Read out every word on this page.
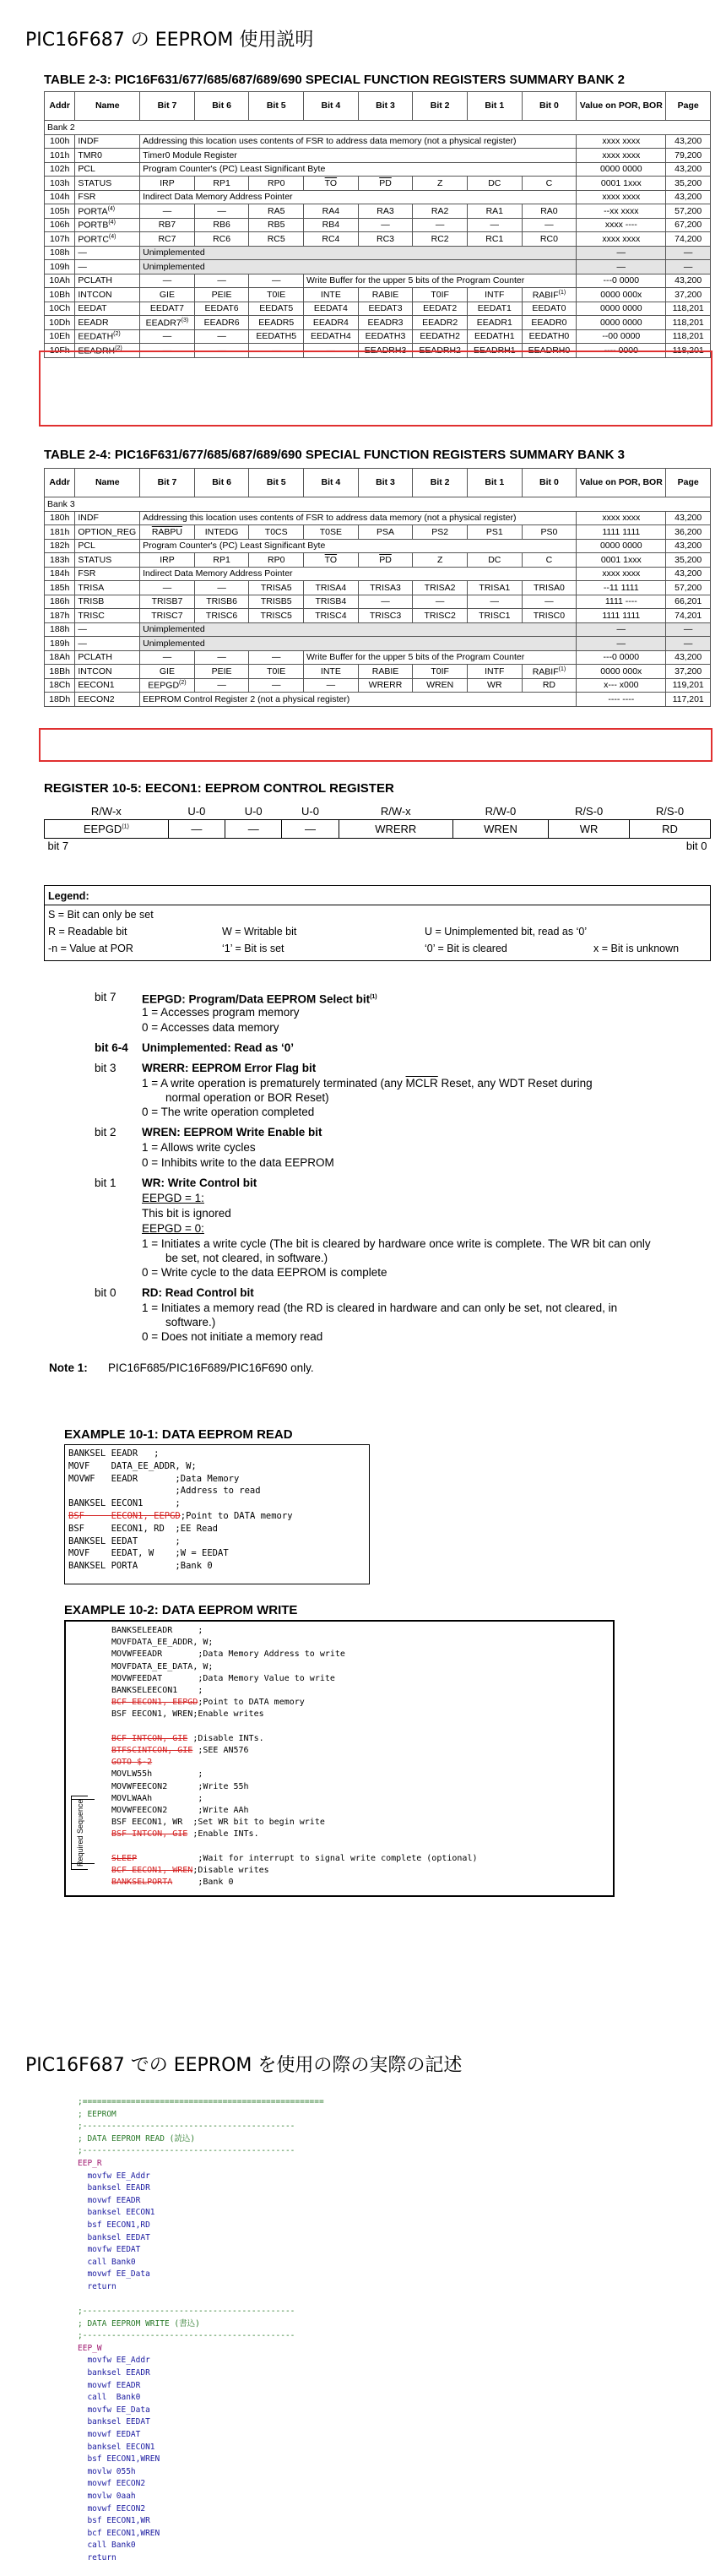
PIC16F687 の EEPROM 使用説明
TABLE 2-3: PIC16F631/677/685/687/689/690 SPECIAL FUNCTION REGISTERS SUMMARY BANK 2
Addr	Name	Bit 7	Bit 6	Bit 5	Bit 4	Bit 3	Bit 2	Bit 1	Bit 0	Value on POR, BOR	Page
Bank 2											
100h	INDF	Addressing this location uses contents of FSR to address data memory (not a physical register)								xxxx xxxx	43,200
101h	TMR0	Timer0 Module Register								xxxx xxxx	79,200
102h	PCL	Program Counter's (PC) Least Significant Byte								0000 0000	43,200
103h	STATUS	IRP	RP1	RP0	$\overline{TO}$	$\overline{PD}$	Z	DC	C	0001 1xxx	35,200
104h	FSR	Indirect Data Memory Address Pointer								xxxx xxxx	43,200
105h	PORTA$^{(4)}$	—	—	RA5	RA4	RA3	RA2	RA1	RA0	--xx xxxx	57,200
106h	PORTB$^{(4)}$	RB7	RB6	RB5	RB4	—	—	—	—	xxxx ----	67,200
107h	PORTC$^{(4)}$	RC7	RC6	RC5	RC4	RC3	RC2	RC1	RC0	xxxx xxxx	74,200
108h	—	Unimplemented								—	—
109h	—	Unimplemented								—	—
10Ah	PCLATH	—	—	—	Write Buffer for the upper 5 bits of the Program Counter					---0 0000	43,200
10Bh	INTCON	GIE	PEIE	T0IE	INTE	RABIE	T0IF	INTF	RABIF$^{(1)}$	0000 000x	37,200
10Ch	EEDAT	EEDAT7	EEDAT6	EEDAT5	EEDAT4	EEDAT3	EEDAT2	EEDAT1	EEDAT0	0000 0000	118,201
10Dh	EEADR	EEADR7$^{(3)}$	EEADR6	EEADR5	EEADR4	EEADR3	EEADR2	EEADR1	EEADR0	0000 0000	118,201
10Eh	EEDATH$^{(2)}$	—	—	EEDATH5	EEDATH4	EEDATH3	EEDATH2	EEDATH1	EEDATH0	--00 0000	118,201
10Fh	EEADRH$^{(2)}$	—	—	—	—	EEADRH3	EEADRH2	EEADRH1	EEADRH0	---- 0000	118,201
TABLE 2-4: PIC16F631/677/685/687/689/690 SPECIAL FUNCTION REGISTERS SUMMARY BANK 3
Addr	Name	Bit 7	Bit 6	Bit 5	Bit 4	Bit 3	Bit 2	Bit 1	Bit 0	Value on POR, BOR	Page
Bank 3											
180h	INDF	Addressing this location uses contents of FSR to address data memory (not a physical register)								xxxx xxxx	43,200
181h	OPTION_REG	RABPU	INTEDG	T0CS	T0SE	PSA	PS2	PS1	PS0	1111 1111	36,200
182h	PCL	Program Counter's (PC) Least Significant Byte								0000 0000	43,200
183h	STATUS	IRP	RP1	RP0	$\overline{TO}$	$\overline{PD}$	Z	DC	C	0001 1xxx	35,200
184h	FSR	Indirect Data Memory Address Pointer								xxxx xxxx	43,200
185h	TRISA	—	—	TRISA5	TRISA4	TRISA3	TRISA2	TRISA1	TRISA0	--11 1111	57,200
186h	TRISB	TRISB7	TRISB6	TRISB5	TRISB4	—	—	—	—	1111 ----	66,201
187h	TRISC	TRISC7	TRISC6	TRISC5	TRISC4	TRISC3	TRISC2	TRISC1	TRISC0	1111 1111	74,201
188h	—	Unimplemented								—	—
189h	—	Unimplemented								—	—
18Ah	PCLATH	—	—	—	Write Buffer for the upper 5 bits of the Program Counter					---0 0000	43,200
18Bh	INTCON	GIE	PEIE	T0IE	INTE	RABIE	T0IF	INTF	RABIF$^{(1)}$	0000 000x	37,200
18Ch	EECON1	EEPGD$^{(2)}$	—	—	—	WRERR	WREN	WR	RD	x--- x000	119,201
18Dh	EECON2	EEPROM Control Register 2 (not a physical register)								---- ----	117,201
REGISTER 10-5: EECON1: EEPROM CONTROL REGISTER
R/W-x	U-0	U-0	U-0	R/W-x	R/W-0	R/S-0	R/S-0
EEPGD$^{(1)}$	—	—	—	WRERR	WREN	WR	RD
bit 7				bit 0			
Legend:
S = Bit can only be set
R = Readable bit	W = Writable bit	U = Unimplemented bit, read as ‘0’
-n = Value at POR	‘1’ = Bit is set	‘0’ = Bit is cleared	x = Bit is unknown
bit 7 EEPGD: Program/Data EEPROM Select bit$^{(1)}$
1 = Accesses program memory
0 = Accesses data memory
bit 6-4 Unimplemented: Read as ‘0’
bit 3 WRERR: EEPROM Error Flag bit
1 = A write operation is prematurely terminated (any MCLR Reset, any WDT Reset during
normal operation or BOR Reset)
0 = The write operation completed
bit 2 WREN: EEPROM Write Enable bit
1 = Allows write cycles
0 = Inhibits write to the data EEPROM
bit 1 WR: Write Control bit
EEPGD = 1:
This bit is ignored
EEPGD = 0:
1 = Initiates a write cycle (The bit is cleared by hardware once write is complete. The WR bit can only
be set, not cleared, in software.)
0 = Write cycle to the data EEPROM is complete
bit 0 RD: Read Control bit
1 = Initiates a memory read (the RD is cleared in hardware and can only be set, not cleared, in
software.)
0 = Does not initiate a memory read
Note 1: PIC16F685/PIC16F689/PIC16F690 only.
EXAMPLE 10-1: DATA EEPROM READ
BANKSEL EEADR   ;
MOVF    DATA_EE_ADDR, W;
MOVWF   EEADR       ;Data Memory
;Address to read
BANKSEL EECON1      ;
BSF     EECON1, EEPGD;Point to DATA memory
BSF     EECON1, RD  ;EE Read
BANKSEL EEDAT       ;
MOVF    EEDAT, W    ;W = EEDAT
BANKSEL PORTA       ;Bank 0
EXAMPLE 10-2: DATA EEPROM WRITE
Required Sequence
BANKSELEEADR     ;
MOVFDATA_EE_ADDR, W;
MOVWFEEADR       ;Data Memory Address to write
MOVFDATA_EE_DATA, W;
MOVWFEEDAT       ;Data Memory Value to write
BANKSELEECON1    ;
BCF EECON1, EEPGD;Point to DATA memory
BSF EECON1, WREN;Enable writes

BCF INTCON, GIE ;Disable INTs.
BTFSCINTCON, GIE ;SEE AN576
GOTO $-2
MOVLW55h         ;
MOVWFEECON2      ;Write 55h
MOVLWAAh         ;
MOVWFEECON2      ;Write AAh
BSF EECON1, WR  ;Set WR bit to begin write
BSF INTCON, GIE ;Enable INTs.

SLEEP	;Wait for interrupt to signal write complete (optional)
BCF EECON1, WREN;Disable writes
BANKSELPORTA     ;Bank 0
PIC16F687 での EEPROM を使用の際の実際の記述
;==================================================
; EEPROM
;--------------------------------------------
; DATA EEPROM READ (読込)
;--------------------------------------------
EEP_R
movfw EE_Addr
banksel EEADR
movwf EEADR
banksel EECON1
bsf EECON1,RD
banksel EEDAT
movfw EEDAT
call Bank0
movwf EE_Data
return

;--------------------------------------------
; DATA EEPROM WRITE (書込)
;--------------------------------------------
EEP_W
movfw EE_Addr
banksel EEADR
movwf EEADR
call  Bank0
movfw EE_Data
banksel EEDAT
movwf EEDAT
banksel EECON1
bsf EECON1,WREN
movlw 055h
movwf EECON2
movlw 0aah
movwf EECON2
bsf EECON1,WR
bcf EECON1,WREN
call Bank0
return
